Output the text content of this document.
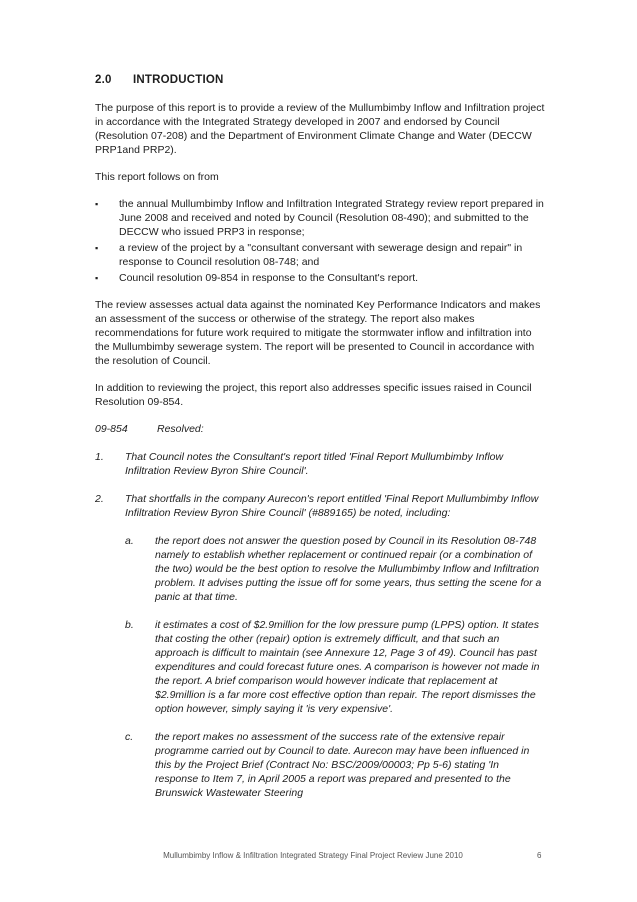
2.0	INTRODUCTION

The purpose of this report is to provide a review of the Mullumbimby Inflow and Infiltration project in accordance with the Integrated Strategy developed in 2007 and endorsed by Council (Resolution 07-208) and the Department of Environment Climate Change and Water (DECCW PRP1and PRP2).

This report follows on from

▪ the annual Mullumbimby Inflow and Infiltration Integrated Strategy review report prepared in June 2008 and received and noted by Council (Resolution 08-490); and submitted to the DECCW who issued PRP3 in response;
▪ a review of the project by a "consultant conversant with sewerage design and repair" in response to Council resolution 08-748; and
▪ Council resolution 09-854 in response to the Consultant's report.

The review assesses actual data against the nominated Key Performance Indicators and makes an assessment of the success or otherwise of the strategy. The report also makes recommendations for future work required to mitigate the stormwater inflow and infiltration into the Mullumbimby sewerage system. The report will be presented to Council in accordance with the resolution of Council.

In addition to reviewing the project, this report also addresses specific issues raised in Council Resolution 09-854.

09-854	Resolved:
1.	That Council notes the Consultant's report titled 'Final Report Mullumbimby Inflow Infiltration Review Byron Shire Council'.
2.	That shortfalls in the company Aurecon's report entitled 'Final Report Mullumbimby Inflow Infiltration Review Byron Shire Council' (#889165) be noted, including:
a.	the report does not answer the question posed by Council in its Resolution 08-748 namely to establish whether replacement or continued repair (or a combination of the two) would be the best option to resolve the Mullumbimby Inflow and Infiltration problem. It advises putting the issue off for some years, thus setting the scene for a panic at that time.
b.	it estimates a cost of $2.9million for the low pressure pump (LPPS) option. It states that costing the other (repair) option is extremely difficult, and that such an approach is difficult to maintain (see Annexure 12, Page 3 of 49). Council has past expenditures and could forecast future ones. A comparison is however not made in the report. A brief comparison would however indicate that replacement at $2.9million is a far more cost effective option than repair. The report dismisses the option however, simply saying it 'is very expensive'.
c.	the report makes no assessment of the success rate of the extensive repair programme carried out by Council to date. Aurecon may have been influenced in this by the Project Brief (Contract No: BSC/2009/00003; Pp 5-6) stating 'In response to Item 7, in April 2005 a report was prepared and presented to the Brunswick Wastewater Steering
Mullumbimby Inflow & Infiltration Integrated Strategy Final Project Review June 2010	6
